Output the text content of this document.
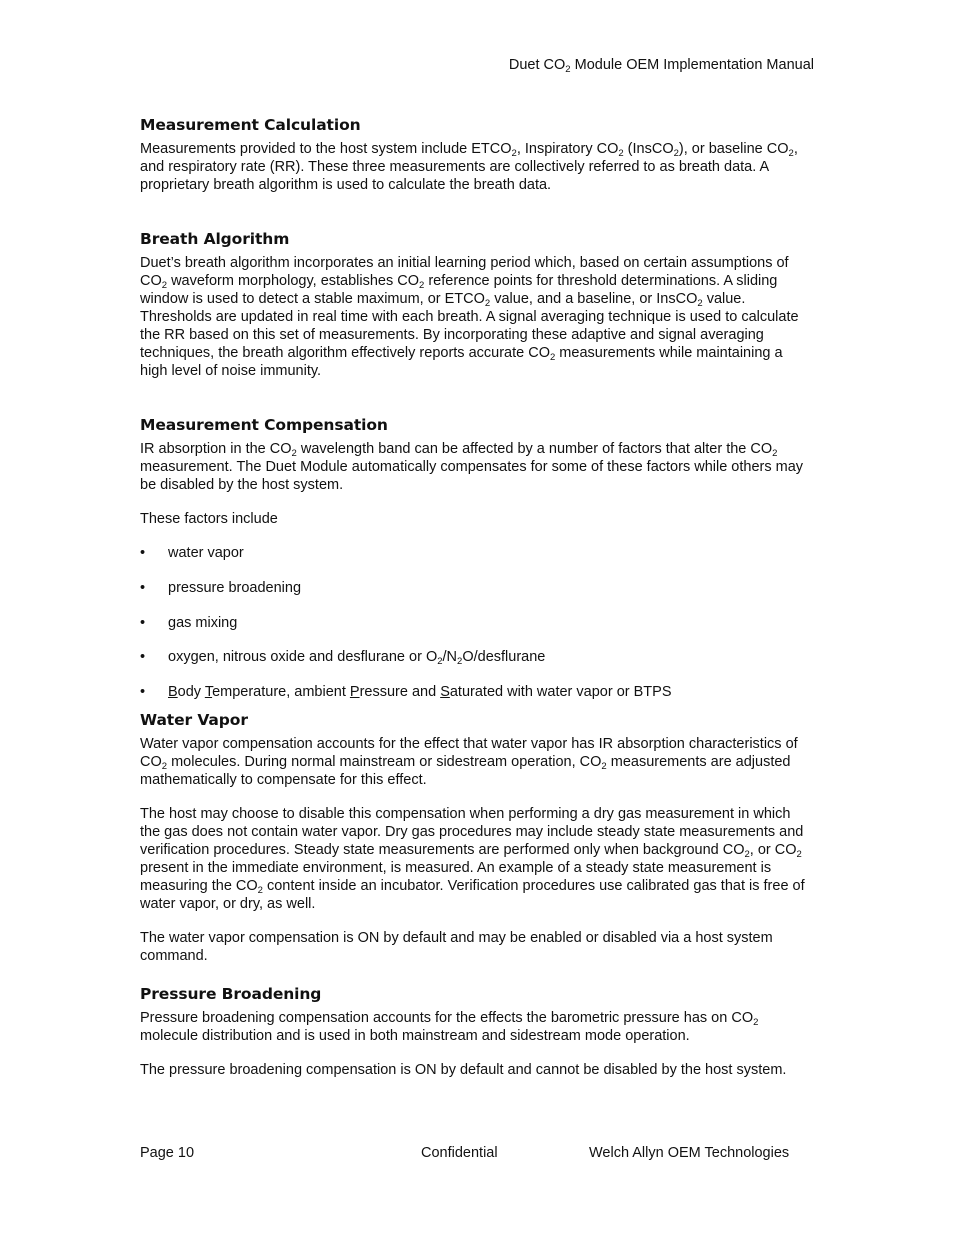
Duet $CO_2$ Module OEM Implementation Manual
Measurement Calculation

Measurements provided to the host system include $ETCO_2$, Inspiratory $CO_2$ (InsCO$_2$), or baseline $CO_2$, and respiratory rate (RR). These three measurements are collectively referred to as breath data. A proprietary breath algorithm is used to calculate the breath data.

Breath Algorithm

Duet’s breath algorithm incorporates an initial learning period which, based on certain assumptions of $CO_2$ waveform morphology, establishes $CO_2$ reference points for threshold determinations. A sliding window is used to detect a stable maximum, or $ETCO_2$ value, and a baseline, or InsCO$_2$ value. Thresholds are updated in real time with each breath. A signal averaging technique is used to calculate the RR based on this set of measurements. By incorporating these adaptive and signal averaging techniques, the breath algorithm effectively reports accurate $CO_2$ measurements while maintaining a high level of noise immunity.

Measurement Compensation

IR absorption in the $CO_2$ wavelength band can be affected by a number of factors that alter the $CO_2$ measurement. The Duet Module automatically compensates for some of these factors while others may be disabled by the host system.

These factors include

• water vapor
• pressure broadening
• gas mixing
• oxygen, nitrous oxide and desflurane or $O_2/N_2O$/desflurane
• Body Temperature, ambient Pressure and Saturated with water vapor or BTPS
Water Vapor

Water vapor compensation accounts for the effect that water vapor has IR absorption characteristics of $CO_2$ molecules. During normal mainstream or sidestream operation, $CO_2$ measurements are adjusted mathematically to compensate for this effect.

The host may choose to disable this compensation when performing a dry gas measurement in which the gas does not contain water vapor. Dry gas procedures may include steady state measurements and verification procedures. Steady state measurements are performed only when background $CO_2$, or $CO_2$ present in the immediate environment, is measured. An example of a steady state measurement is measuring the $CO_2$ content inside an incubator. Verification procedures use calibrated gas that is free of water vapor, or dry, as well.

The water vapor compensation is ON by default and may be enabled or disabled via a host system command.

Pressure Broadening

Pressure broadening compensation accounts for the effects the barometric pressure has on $CO_2$ molecule distribution and is used in both mainstream and sidestream mode operation.

The pressure broadening compensation is ON by default and cannot be disabled by the host system.

Page 10	Confidential	Welch Allyn OEM Technologies
